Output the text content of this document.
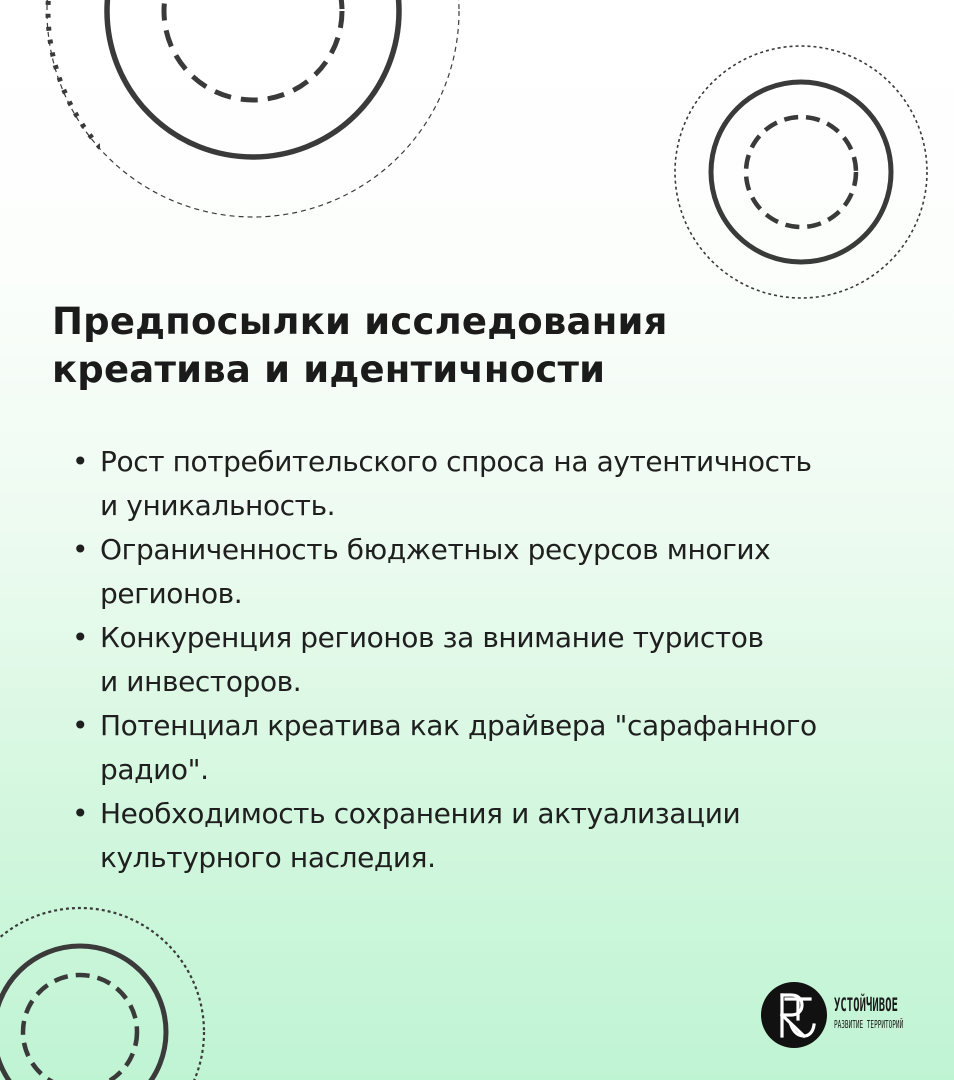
Предпосылки исследования
креатива и идентичности
• Рост потребительского спроса на аутентичность
и уникальность.
• Ограниченность бюджетных ресурсов многих
регионов.
• Конкуренция регионов за внимание туристов
и инвесторов.
• Потенциал креатива как драйвера "сарафанного
радио".
• Необходимость сохранения и актуализации
культурного наследия.
УСТОЙЧИВОЕ
РАЗВИТИЕ ТЕРРИТОРИЙ
